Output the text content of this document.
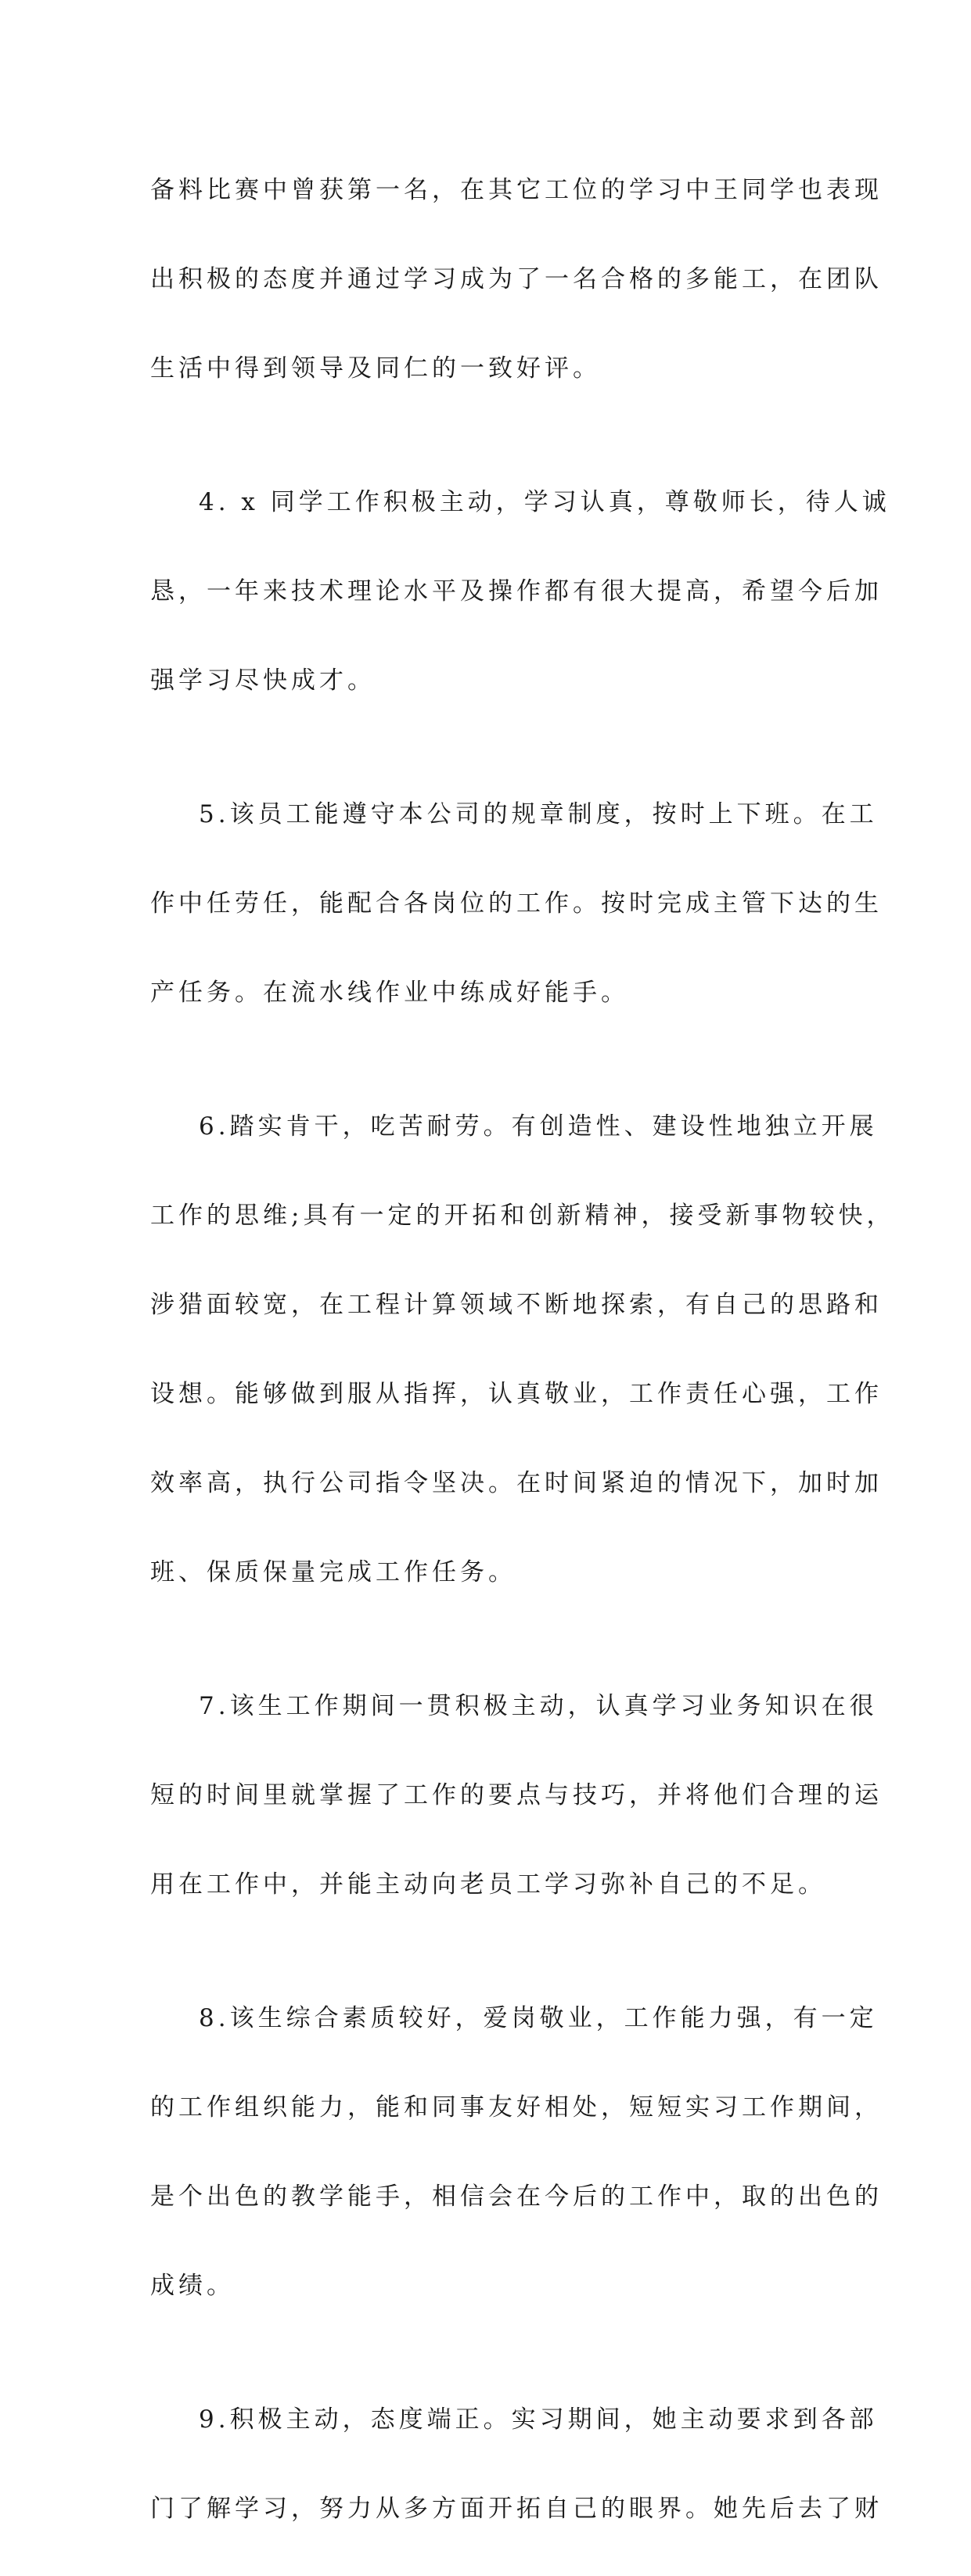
备料比赛中曾获第一名，在其它工位的学习中王同学也表现

出积极的态度并通过学习成为了一名合格的多能工，在团队

生活中得到领导及同仁的一致好评。

4. x 同学工作积极主动，学习认真，尊敬师长，待人诚

恳，一年来技术理论水平及操作都有很大提高，希望今后加

强学习尽快成才。

5.该员工能遵守本公司的规章制度，按时上下班。在工

作中任劳任，能配合各岗位的工作。按时完成主管下达的生

产任务。在流水线作业中练成好能手。

6.踏实肯干，吃苦耐劳。有创造性、建设性地独立开展

工作的思维;具有一定的开拓和创新精神，接受新事物较快，

涉猎面较宽，在工程计算领域不断地探索，有自己的思路和

设想。能够做到服从指挥，认真敬业，工作责任心强，工作

效率高，执行公司指令坚决。在时间紧迫的情况下，加时加

班、保质保量完成工作任务。

7.该生工作期间一贯积极主动，认真学习业务知识在很

短的时间里就掌握了工作的要点与技巧，并将他们合理的运

用在工作中，并能主动向老员工学习弥补自己的不足。

8.该生综合素质较好，爱岗敬业，工作能力强，有一定

的工作组织能力，能和同事友好相处，短短实习工作期间，

是个出色的教学能手，相信会在今后的工作中，取的出色的

成绩。

9.积极主动，态度端正。实习期间，她主动要求到各部

门了解学习，努力从多方面开拓自己的眼界。她先后去了财
